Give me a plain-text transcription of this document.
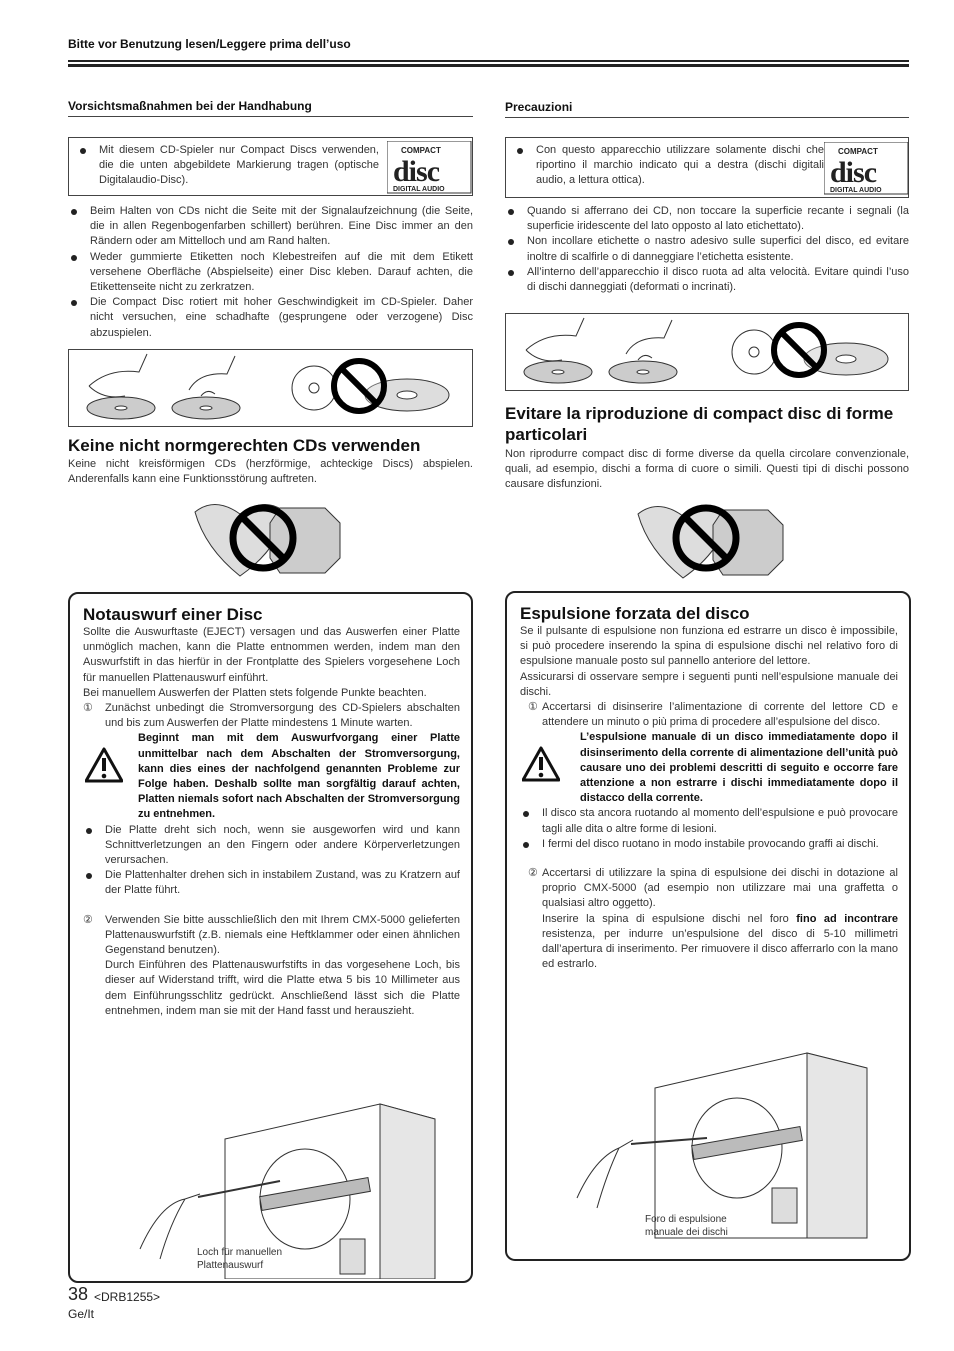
Bitte vor Benutzung lesen/Leggere prima dell’uso
Vorsichtsmaßnahmen bei der Handhabung
Mit diesem CD-Spieler nur Compact Discs verwenden, die die unten abgebildete Markierung tragen (optische Digitalaudio-Disc).
Beim Halten von CDs nicht die Seite mit der Signalaufzeichnung (die Seite, die in allen Regenbogenfarben schillert) berühren. Eine Disc immer an den Rändern oder am Mittelloch und am Rand halten.
Weder gummierte Etiketten noch Klebestreifen auf die mit dem Etikett versehene Oberfläche (Abspielseite) einer Disc kleben. Darauf achten, die Etikettenseite nicht zu zerkratzen.
Die Compact Disc rotiert mit hoher Geschwindigkeit im CD-Spieler. Daher nicht versuchen, eine schadhafte (gesprungene oder verzogene) Disc abzuspielen.
Keine nicht normgerechten CDs verwenden
Keine nicht kreisförmigen CDs (herzförmige, achteckige Discs) abspielen. Anderenfalls kann eine Funktionsstörung auftreten.
Notauswurf einer Disc
Sollte die Auswurftaste (EJECT) versagen und das Auswerfen einer Platte unmöglich machen, kann die Platte entnommen werden, indem man den Auswurfstift in das hierfür in der Frontplatte des Spielers vorgesehene Loch für manuellen Plattenauswurf einführt.
Bei manuellem Auswerfen der Platten stets folgende Punkte beachten.
① Zunächst unbedingt die Stromversorgung des CD-Spielers abschalten und bis zum Auswerfen der Platte mindestens 1 Minute warten.
Beginnt man mit dem Auswurfvorgang einer Platte unmittelbar nach dem Abschalten der Stromversorgung, kann dies eines der nachfolgend genannten Probleme zur Folge haben. Deshalb sollte man sorgfältig darauf achten, Platten niemals sofort nach Abschalten der Stromversorgung zu entnehmen.
Die Platte dreht sich noch, wenn sie ausgeworfen wird und kann Schnittverletzungen an den Fingern oder andere Körperverletzungen verursachen.
Die Plattenhalter drehen sich in instabilem Zustand, was zu Kratzern auf der Platte führt.
② Verwenden Sie bitte ausschließlich den mit Ihrem CMX-5000 gelieferten Plattenauswurfstift (z.B. niemals eine Heftklammer oder einen ähnlichen Gegenstand benutzen).
Durch Einführen des Plattenauswurfstifts in das vorgesehene Loch, bis dieser auf Widerstand trifft, wird die Platte etwa 5 bis 10 Millimeter aus dem Einführungsschlitz gedrückt. Anschließend lässt sich die Platte entnehmen, indem man sie mit der Hand fasst und herauszieht.
Loch für manuellen Plattenauswurf
Precauzioni
Con questo apparecchio utilizzare solamente dischi che riportino il marchio indicato qui a destra (dischi digitali audio, a lettura ottica).
Quando si afferrano dei CD, non toccare la superficie recante i segnali (la superficie iridescente del lato opposto al lato etichettato).
Non incollare etichette o nastro adesivo sulle superfici del disco, ed evitare inoltre di scalfirle o di danneggiare l’etichetta esistente.
All’interno dell’apparecchio il disco ruota ad alta velocità. Evitare quindi l’uso di dischi danneggiati (deformati o incrinati).
Evitare la riproduzione di compact disc di forme particolari
Non riprodurre compact disc di forme diverse da quella circolare convenzionale, quali, ad esempio, dischi a forma di cuore o simili. Questi tipi di dischi possono causare disfunzioni.
Espulsione forzata del disco
Se il pulsante di espulsione non funziona ed estrarre un disco è impossibile, si può procedere inserendo la spina di espulsione dischi nel relativo foro di espulsione manuale posto sul pannello anteriore del lettore.
Assicurarsi di osservare sempre i seguenti punti nell’espulsione manuale dei dischi.
① Accertarsi di disinserire l’alimentazione di corrente del lettore CD e attendere un minuto o più prima di procedere all’espulsione del disco.
L’espulsione manuale di un disco immediatamente dopo il disinserimento della corrente di alimentazione dell’unità può causare uno dei problemi descritti di seguito e occorre fare attenzione a non estrarre i dischi immediatamente dopo il distacco della corrente.
Il disco sta ancora ruotando al momento dell’espulsione e può provocare tagli alle dita o altre forme di lesioni.
I fermi del disco ruotano in modo instabile provocando graffi ai dischi.
② Accertarsi di utilizzare la spina di espulsione dei dischi in dotazione al proprio CMX-5000 (ad esempio non utilizzare mai una graffetta o qualsiasi altro oggetto).
Inserire la spina di espulsione dischi nel foro fino ad incontrare resistenza, per indurre un’espulsione del disco di 5-10 millimetri dall’apertura di inserimento. Per rimuovere il disco afferrarlo con la mano ed estrarlo.
Foro di espulsione manuale dei dischi
38 <DRB1255>
Ge/It
